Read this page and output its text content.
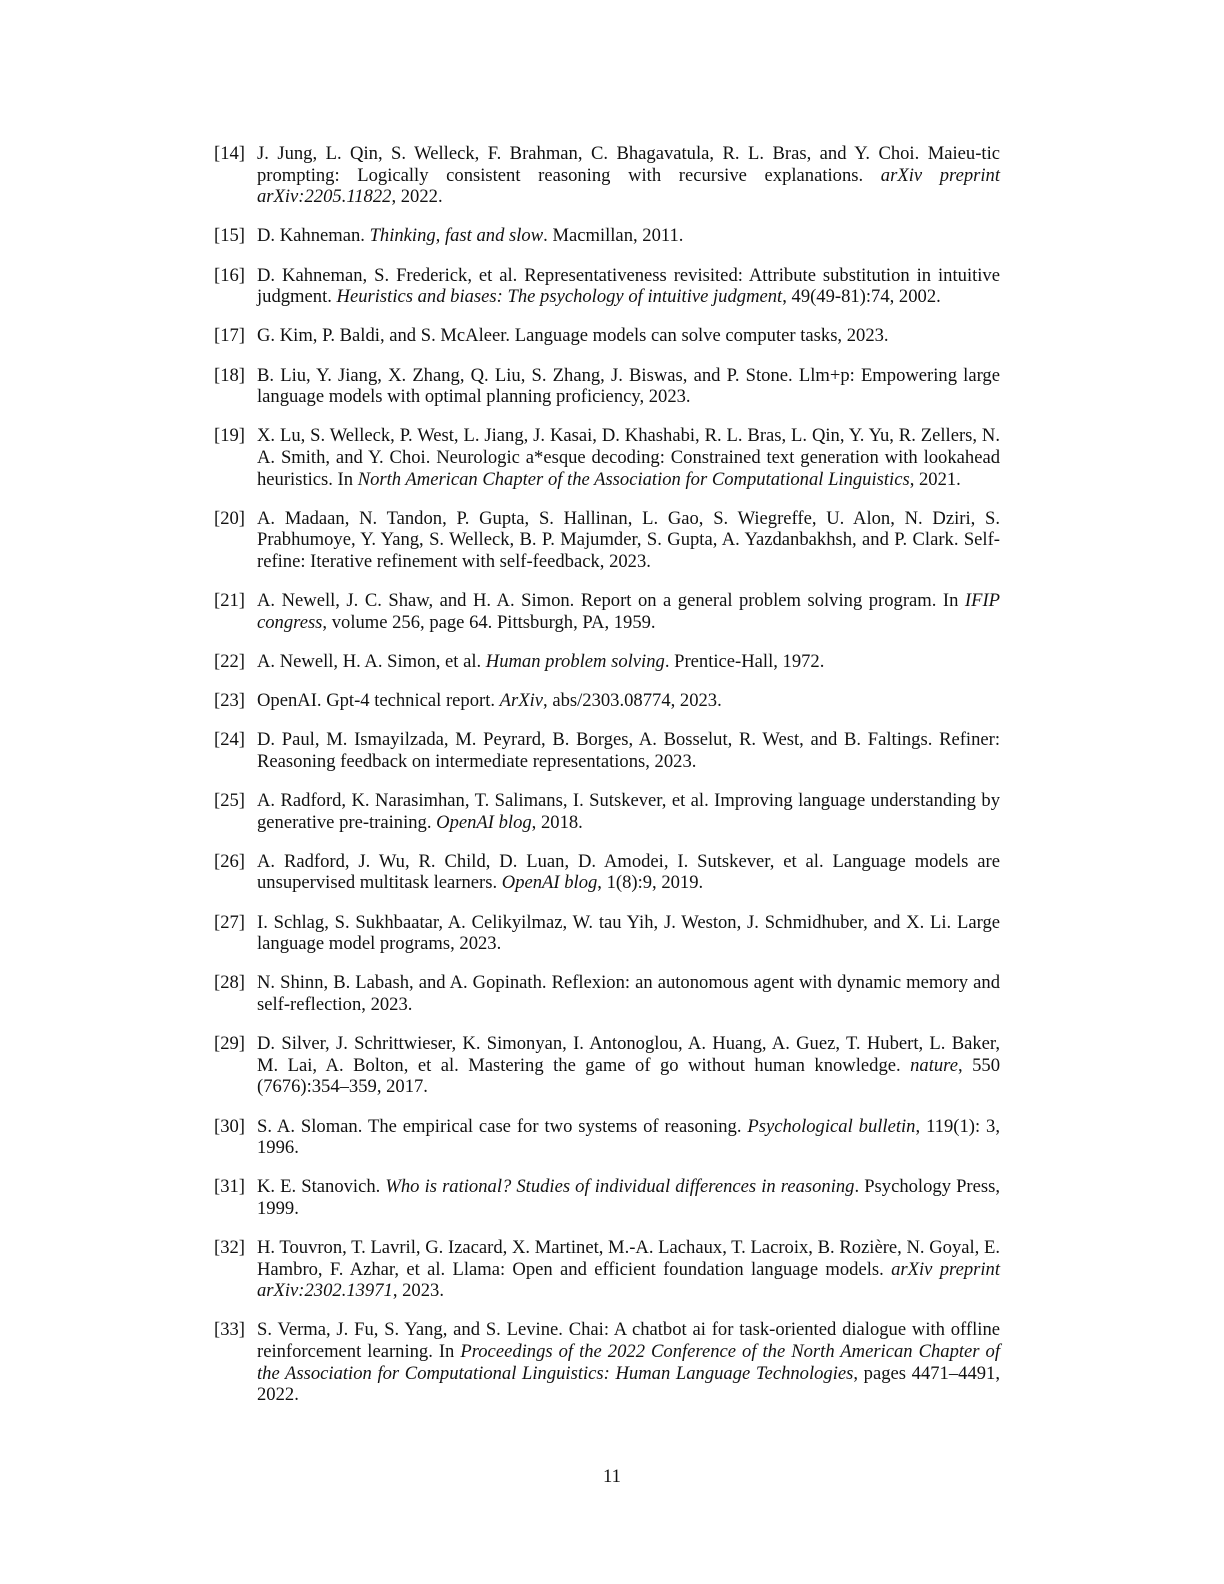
[14] J. Jung, L. Qin, S. Welleck, F. Brahman, C. Bhagavatula, R. L. Bras, and Y. Choi. Maieu-tic prompting: Logically consistent reasoning with recursive explanations. arXiv preprint arXiv:2205.11822, 2022.
[15] D. Kahneman. Thinking, fast and slow. Macmillan, 2011.
[16] D. Kahneman, S. Frederick, et al. Representativeness revisited: Attribute substitution in intuitive judgment. Heuristics and biases: The psychology of intuitive judgment, 49(49-81):74, 2002.
[17] G. Kim, P. Baldi, and S. McAleer. Language models can solve computer tasks, 2023.
[18] B. Liu, Y. Jiang, X. Zhang, Q. Liu, S. Zhang, J. Biswas, and P. Stone. Llm+p: Empowering large language models with optimal planning proficiency, 2023.
[19] X. Lu, S. Welleck, P. West, L. Jiang, J. Kasai, D. Khashabi, R. L. Bras, L. Qin, Y. Yu, R. Zellers, N. A. Smith, and Y. Choi. Neurologic a*esque decoding: Constrained text generation with lookahead heuristics. In North American Chapter of the Association for Computational Linguistics, 2021.
[20] A. Madaan, N. Tandon, P. Gupta, S. Hallinan, L. Gao, S. Wiegreffe, U. Alon, N. Dziri, S. Prabhumoye, Y. Yang, S. Welleck, B. P. Majumder, S. Gupta, A. Yazdanbakhsh, and P. Clark. Self-refine: Iterative refinement with self-feedback, 2023.
[21] A. Newell, J. C. Shaw, and H. A. Simon. Report on a general problem solving program. In IFIP congress, volume 256, page 64. Pittsburgh, PA, 1959.
[22] A. Newell, H. A. Simon, et al. Human problem solving. Prentice-Hall, 1972.
[23] OpenAI. Gpt-4 technical report. ArXiv, abs/2303.08774, 2023.
[24] D. Paul, M. Ismayilzada, M. Peyrard, B. Borges, A. Bosselut, R. West, and B. Faltings. Refiner: Reasoning feedback on intermediate representations, 2023.
[25] A. Radford, K. Narasimhan, T. Salimans, I. Sutskever, et al. Improving language understanding by generative pre-training. OpenAI blog, 2018.
[26] A. Radford, J. Wu, R. Child, D. Luan, D. Amodei, I. Sutskever, et al. Language models are unsupervised multitask learners. OpenAI blog, 1(8):9, 2019.
[27] I. Schlag, S. Sukhbaatar, A. Celikyilmaz, W. tau Yih, J. Weston, J. Schmidhuber, and X. Li. Large language model programs, 2023.
[28] N. Shinn, B. Labash, and A. Gopinath. Reflexion: an autonomous agent with dynamic memory and self-reflection, 2023.
[29] D. Silver, J. Schrittwieser, K. Simonyan, I. Antonoglou, A. Huang, A. Guez, T. Hubert, L. Baker, M. Lai, A. Bolton, et al. Mastering the game of go without human knowledge. nature, 550 (7676):354–359, 2017.
[30] S. A. Sloman. The empirical case for two systems of reasoning. Psychological bulletin, 119(1): 3, 1996.
[31] K. E. Stanovich. Who is rational? Studies of individual differences in reasoning. Psychology Press, 1999.
[32] H. Touvron, T. Lavril, G. Izacard, X. Martinet, M.-A. Lachaux, T. Lacroix, B. Rozière, N. Goyal, E. Hambro, F. Azhar, et al. Llama: Open and efficient foundation language models. arXiv preprint arXiv:2302.13971, 2023.
[33] S. Verma, J. Fu, S. Yang, and S. Levine. Chai: A chatbot ai for task-oriented dialogue with offline reinforcement learning. In Proceedings of the 2022 Conference of the North American Chapter of the Association for Computational Linguistics: Human Language Technologies, pages 4471–4491, 2022.
11
